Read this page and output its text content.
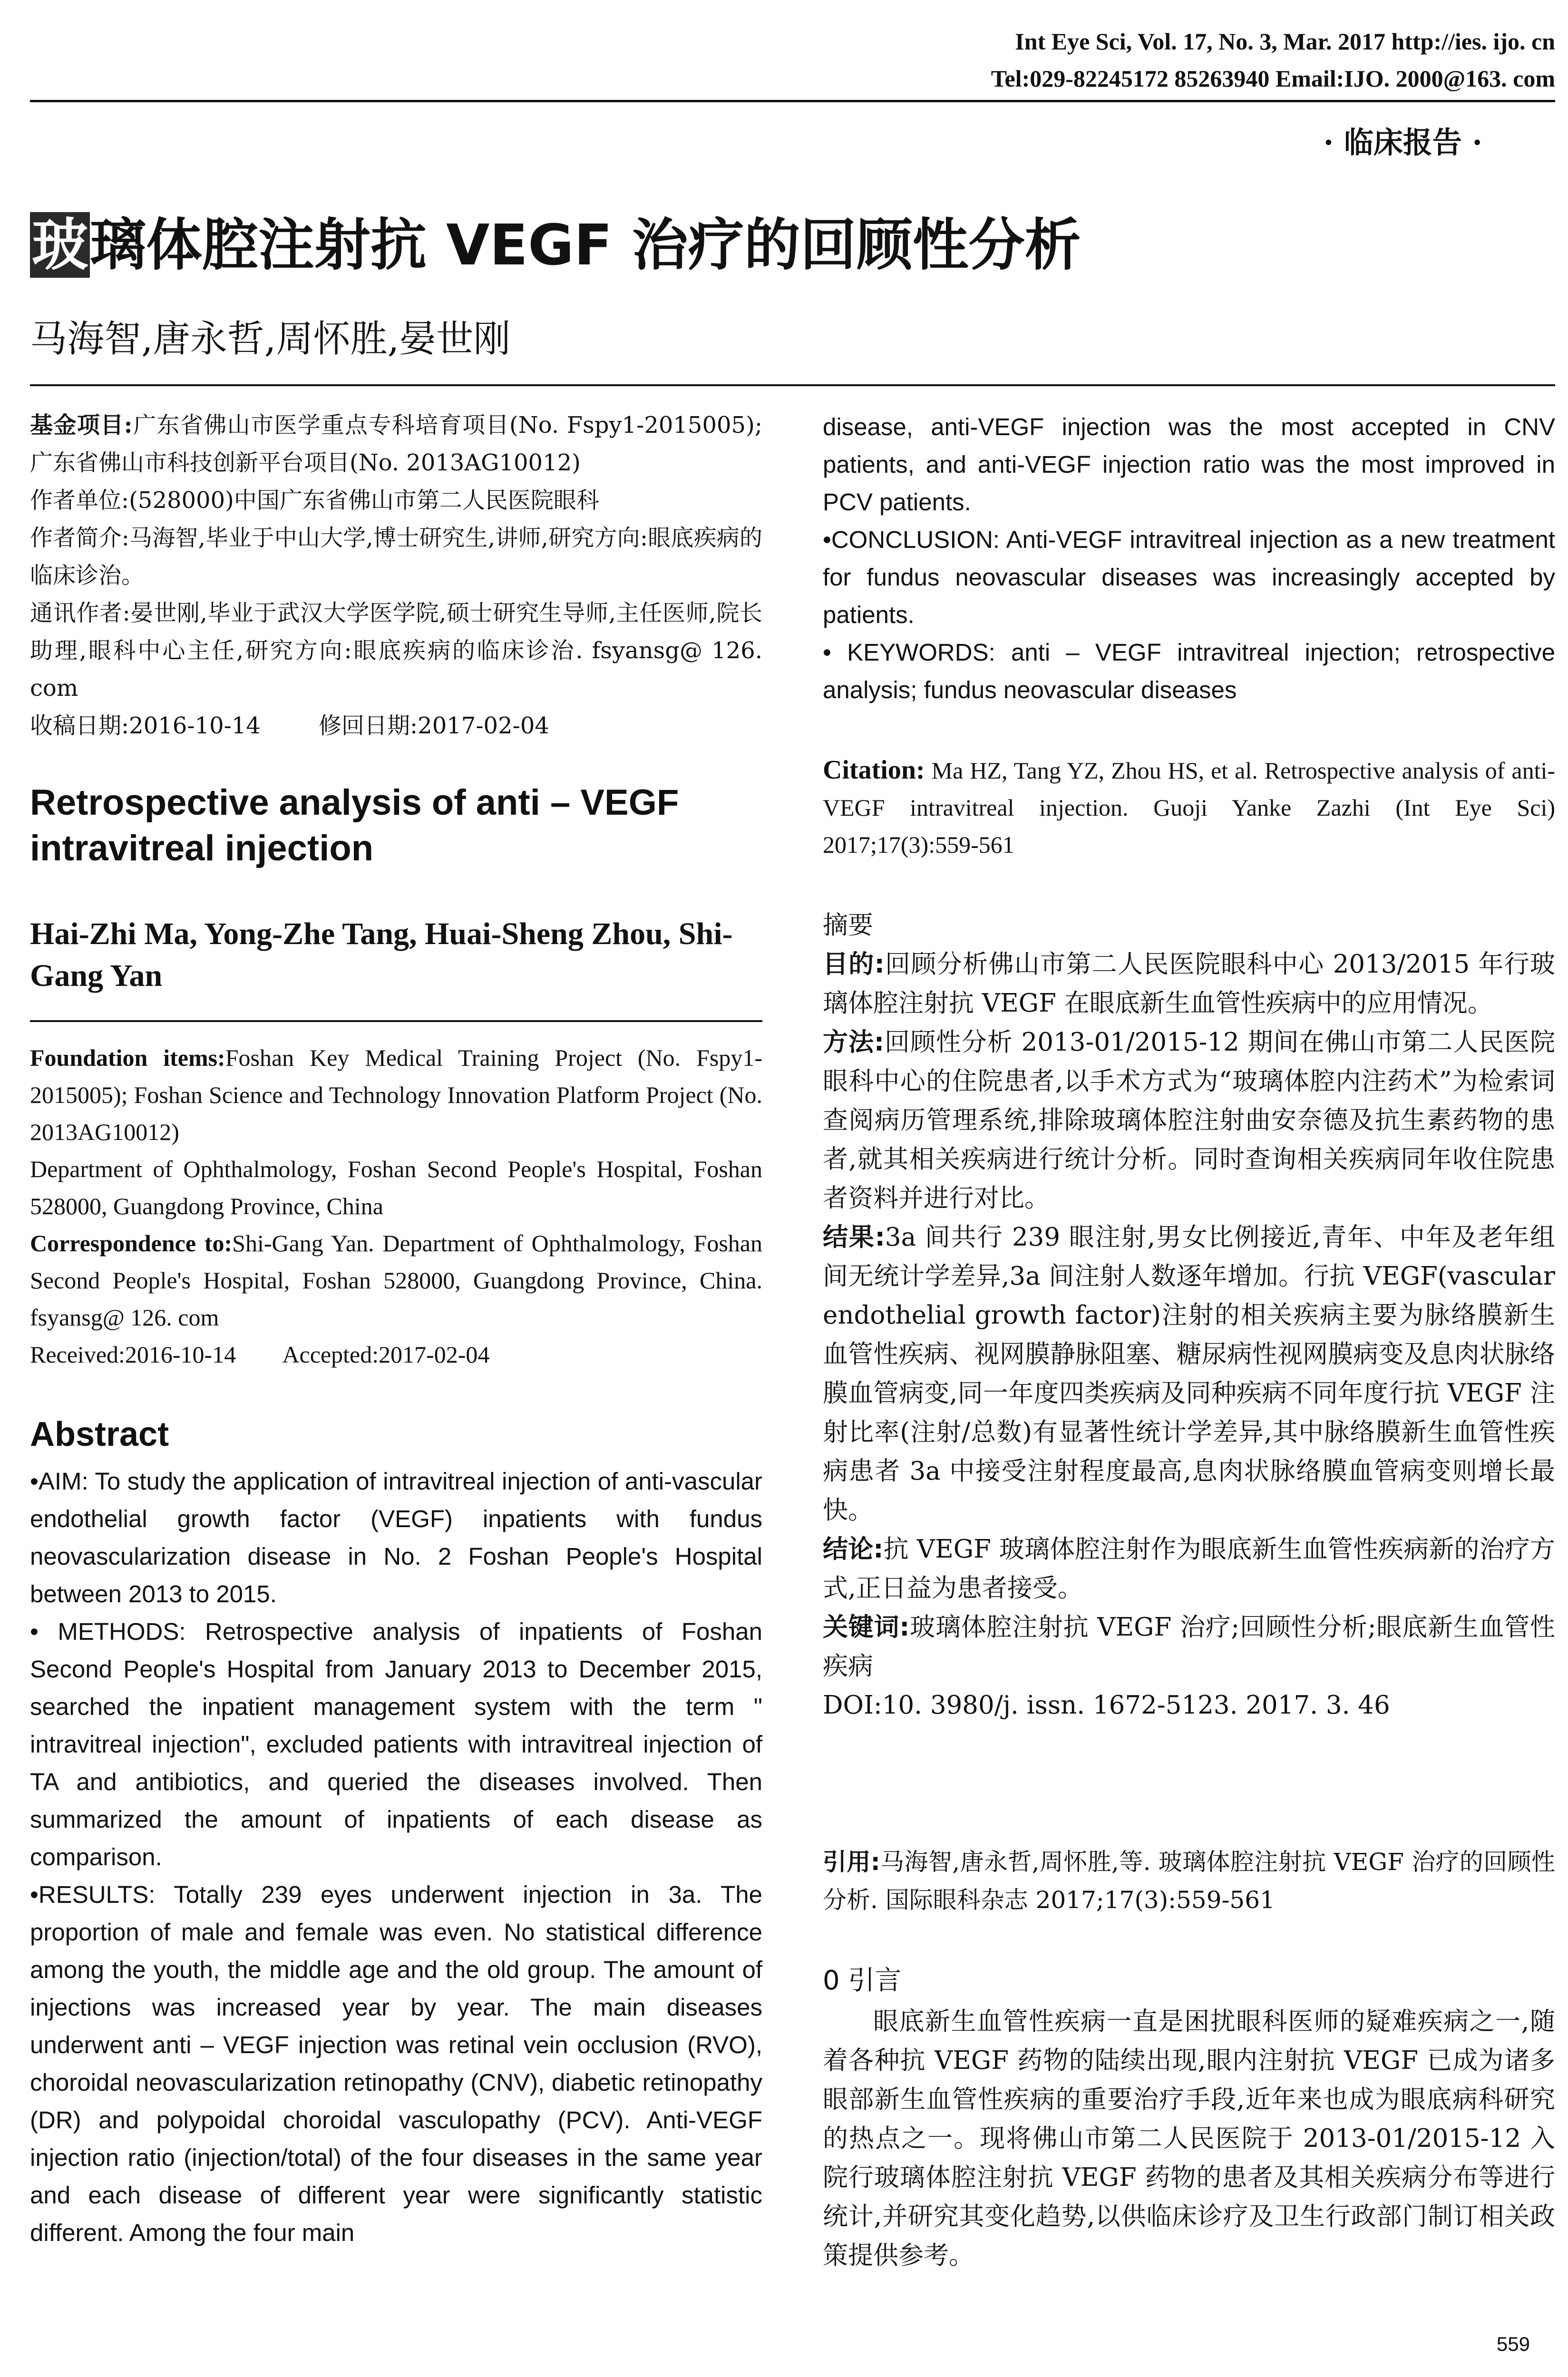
Int Eye Sci, Vol. 17, No. 3, Mar. 2017 http://ies. ijo. cn
Tel:029-82245172 85263940 Email:IJO. 2000@163. com
· 临床报告 ·
玻璃体腔注射抗 VEGF 治疗的回顾性分析
马海智,唐永哲,周怀胜,晏世刚

基金项目:广东省佛山市医学重点专科培育项目(No. Fspy1-2015005);广东省佛山市科技创新平台项目(No. 2013AG10012)

作者单位:(528000)中国广东省佛山市第二人民医院眼科

作者简介:马海智,毕业于中山大学,博士研究生,讲师,研究方向:眼底疾病的临床诊治。

通讯作者:晏世刚,毕业于武汉大学医学院,硕士研究生导师,主任医师,院长助理,眼科中心主任,研究方向:眼底疾病的临床诊治. fsyansg@ 126. com

收稿日期:2016-10-14        修回日期:2017-02-04

Retrospective analysis of anti – VEGF intravitreal injection
Hai-Zhi Ma, Yong-Zhe Tang, Huai-Sheng Zhou, Shi-Gang Yan

Foundation items:Foshan Key Medical Training Project (No. Fspy1-2015005); Foshan Science and Technology Innovation Platform Project (No. 2013AG10012)

Department of Ophthalmology, Foshan Second People's Hospital, Foshan 528000, Guangdong Province, China

Correspondence to:Shi-Gang Yan. Department of Ophthalmology, Foshan Second People's Hospital, Foshan 528000, Guangdong Province, China. fsyansg@ 126. com

Received:2016-10-14        Accepted:2017-02-04

Abstract

•AIM: To study the application of intravitreal injection of anti-vascular endothelial growth factor (VEGF) inpatients with fundus neovascularization disease in No. 2 Foshan People's Hospital between 2013 to 2015.

• METHODS: Retrospective analysis of inpatients of Foshan Second People's Hospital from January 2013 to December 2015, searched the inpatient management system with the term " intravitreal injection", excluded patients with intravitreal injection of TA and antibiotics, and queried the diseases involved. Then summarized the amount of inpatients of each disease as comparison.

•RESULTS: Totally 239 eyes underwent injection in 3a. The proportion of male and female was even. No statistical difference among the youth, the middle age and the old group. The amount of injections was increased year by year. The main diseases underwent anti – VEGF injection was retinal vein occlusion (RVO), choroidal neovascularization retinopathy (CNV), diabetic retinopathy (DR) and polypoidal choroidal vasculopathy (PCV). Anti-VEGF injection ratio (injection/total) of the four diseases in the same year and each disease of different year were significantly statistic different. Among the four main

disease, anti-VEGF injection was the most accepted in CNV patients, and anti-VEGF injection ratio was the most improved in PCV patients.

•CONCLUSION: Anti-VEGF intravitreal injection as a new treatment for fundus neovascular diseases was increasingly accepted by patients.

• KEYWORDS: anti – VEGF intravitreal injection; retrospective analysis; fundus neovascular diseases

Citation: Ma HZ, Tang YZ, Zhou HS, et al. Retrospective analysis of anti-VEGF intravitreal injection. Guoji Yanke Zazhi (Int Eye Sci) 2017;17(3):559-561

摘要

目的:回顾分析佛山市第二人民医院眼科中心 2013/2015 年行玻璃体腔注射抗 VEGF 在眼底新生血管性疾病中的应用情况。

方法:回顾性分析 2013-01/2015-12 期间在佛山市第二人民医院眼科中心的住院患者,以手术方式为“玻璃体腔内注药术”为检索词查阅病历管理系统,排除玻璃体腔注射曲安奈德及抗生素药物的患者,就其相关疾病进行统计分析。同时查询相关疾病同年收住院患者资料并进行对比。

结果:3a 间共行 239 眼注射,男女比例接近,青年、中年及老年组间无统计学差异,3a 间注射人数逐年增加。行抗 VEGF(vascular endothelial growth factor)注射的相关疾病主要为脉络膜新生血管性疾病、视网膜静脉阻塞、糖尿病性视网膜病变及息肉状脉络膜血管病变,同一年度四类疾病及同种疾病不同年度行抗 VEGF 注射比率(注射/总数)有显著性统计学差异,其中脉络膜新生血管性疾病患者 3a 中接受注射程度最高,息肉状脉络膜血管病变则增长最快。

结论:抗 VEGF 玻璃体腔注射作为眼底新生血管性疾病新的治疗方式,正日益为患者接受。

关键词:玻璃体腔注射抗 VEGF 治疗;回顾性分析;眼底新生血管性疾病

DOI:10. 3980/j. issn. 1672-5123. 2017. 3. 46

引用:马海智,唐永哲,周怀胜,等. 玻璃体腔注射抗 VEGF 治疗的回顾性分析. 国际眼科杂志 2017;17(3):559-561
0 引言
眼底新生血管性疾病一直是困扰眼科医师的疑难疾病之一,随着各种抗 VEGF 药物的陆续出现,眼内注射抗 VEGF 已成为诸多眼部新生血管性疾病的重要治疗手段,近年来也成为眼底病科研究的热点之一。现将佛山市第二人民医院于 2013-01/2015-12 入院行玻璃体腔注射抗 VEGF 药物的患者及其相关疾病分布等进行统计,并研究其变化趋势,以供临床诊疗及卫生行政部门制订相关政策提供参考。
559
